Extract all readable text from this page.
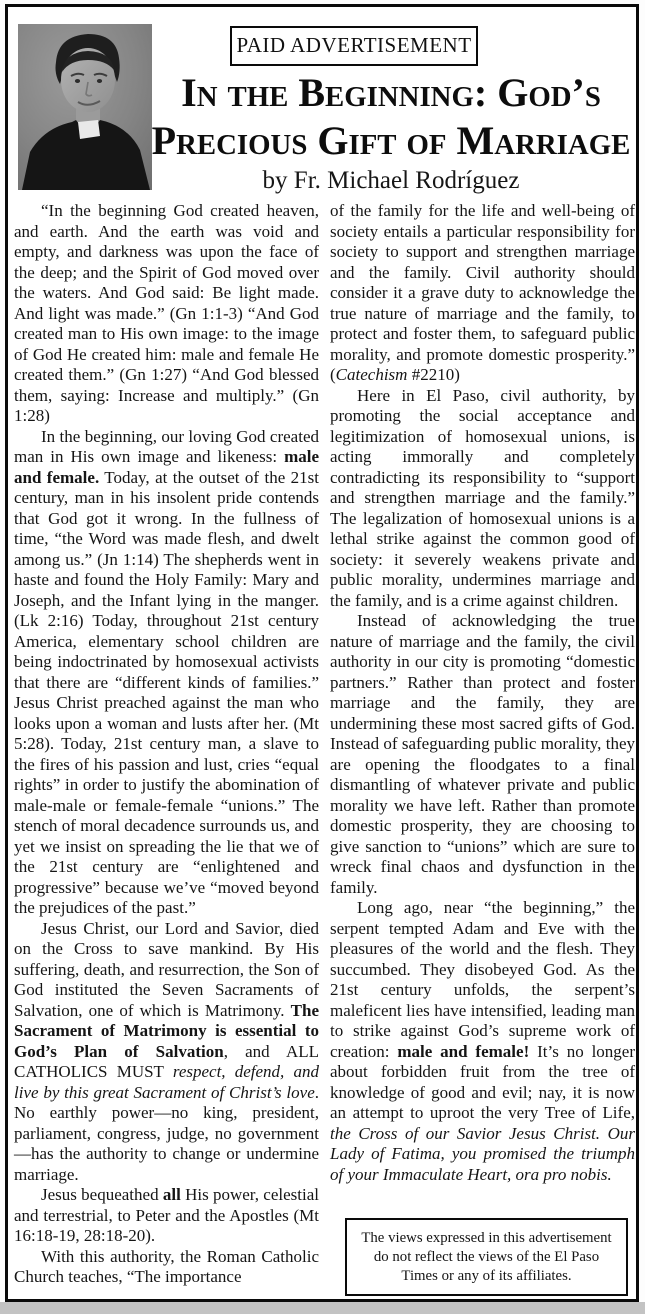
PAID ADVERTISEMENT
IN THE BEGINNING: GOD’S
PRECIOUS GIFT OF MARRIAGE
by Fr. Michael Rodríguez

“In the beginning God created heaven, and earth. And the earth was void and empty, and darkness was upon the face of the deep; and the Spirit of God moved over the waters. And God said: Be light made. And light was made.” (Gn 1:1-3) “And God created man to His own image: to the image of God He created him: male and female He created them.” (Gn 1:27) “And God blessed them, saying: Increase and multiply.” (Gn 1:28)

In the beginning, our loving God created man in His own image and likeness: male and female. Today, at the outset of the 21st century, man in his insolent pride contends that God got it wrong. In the fullness of time, “the Word was made flesh, and dwelt among us.” (Jn 1:14) The shepherds went in haste and found the Holy Family: Mary and Joseph, and the Infant lying in the manger. (Lk 2:16) Today, throughout 21st century America, elementary school children are being indoctrinated by homosexual activists that there are “different kinds of families.” Jesus Christ preached against the man who looks upon a woman and lusts after her. (Mt 5:28). Today, 21st century man, a slave to the fires of his passion and lust, cries “equal rights” in order to justify the abomination of male-male or female-female “unions.” The stench of moral decadence surrounds us, and yet we insist on spreading the lie that we of the 21st century are “enlightened and progressive” because we’ve “moved beyond the prejudices of the past.”

Jesus Christ, our Lord and Savior, died on the Cross to save mankind. By His suffering, death, and resurrection, the Son of God instituted the Seven Sacraments of Salvation, one of which is Matrimony. The Sacrament of Matrimony is essential to God’s Plan of Salvation, and ALL CATHOLICS MUST respect, defend, and live by this great Sacrament of Christ’s love. No earthly power—no king, president, parliament, congress, judge, no government—has the authority to change or undermine marriage.

Jesus bequeathed all His power, celestial and terrestrial, to Peter and the Apostles (Mt 16:18-19, 28:18-20).

With this authority, the Roman Catholic Church teaches, “The importance

of the family for the life and well-being of society entails a particular responsibility for society to support and strengthen marriage and the family. Civil authority should consider it a grave duty to acknowledge the true nature of marriage and the family, to protect and foster them, to safeguard public morality, and promote domestic prosperity.” (Catechism #2210)

Here in El Paso, civil authority, by promoting the social acceptance and legitimization of homosexual unions, is acting immorally and completely contradicting its responsibility to “support and strengthen marriage and the family.” The legalization of homosexual unions is a lethal strike against the common good of society: it severely weakens private and public morality, undermines marriage and the family, and is a crime against children.

Instead of acknowledging the true nature of marriage and the family, the civil authority in our city is promoting “domestic partners.” Rather than protect and foster marriage and the family, they are undermining these most sacred gifts of God. Instead of safeguarding public morality, they are opening the floodgates to a final dismantling of whatever private and public morality we have left. Rather than promote domestic prosperity, they are choosing to give sanction to “unions” which are sure to wreck final chaos and dysfunction in the family.

Long ago, near “the beginning,” the serpent tempted Adam and Eve with the pleasures of the world and the flesh. They succumbed. They disobeyed God. As the 21st century unfolds, the serpent’s maleficent lies have intensified, leading man to strike against God’s supreme work of creation: male and female! It’s no longer about forbidden fruit from the tree of knowledge of good and evil; nay, it is now an attempt to uproot the very Tree of Life, the Cross of our Savior Jesus Christ. Our Lady of Fatima, you promised the triumph of your Immaculate Heart, ora pro nobis.

The views expressed in this advertisement do not reflect the views of the El Paso Times or any of its affiliates.
